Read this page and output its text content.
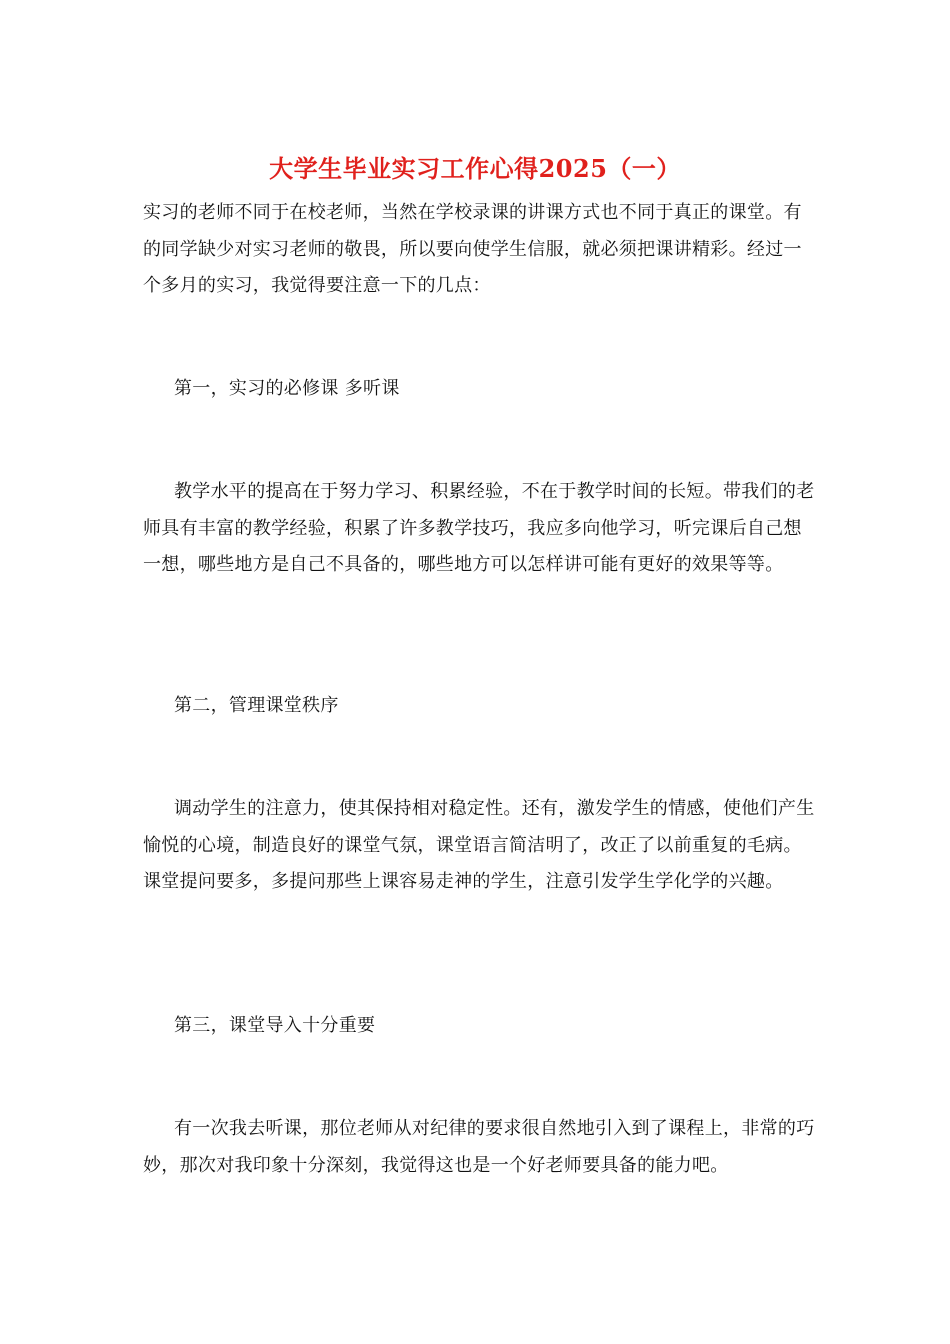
大学生毕业实习工作心得2025（一）

实习的老师不同于在校老师，当然在学校录课的讲课方式也不同于真正的课堂。有的同学缺少对实习老师的敬畏，所以要向使学生信服，就必须把课讲精彩。经过一个多月的实习，我觉得要注意一下的几点：

第一，实习的必修课 多听课

教学水平的提高在于努力学习、积累经验，不在于教学时间的长短。带我们的老师具有丰富的教学经验，积累了许多教学技巧，我应多向他学习，听完课后自己想一想，哪些地方是自己不具备的，哪些地方可以怎样讲可能有更好的效果等等。

第二，管理课堂秩序

调动学生的注意力，使其保持相对稳定性。还有，激发学生的情感，使他们产生愉悦的心境，制造良好的课堂气氛，课堂语言简洁明了，改正了以前重复的毛病。课堂提问要多，多提问那些上课容易走神的学生，注意引发学生学化学的兴趣。

第三，课堂导入十分重要

有一次我去听课，那位老师从对纪律的要求很自然地引入到了课程上，非常的巧妙，那次对我印象十分深刻，我觉得这也是一个好老师要具备的能力吧。
